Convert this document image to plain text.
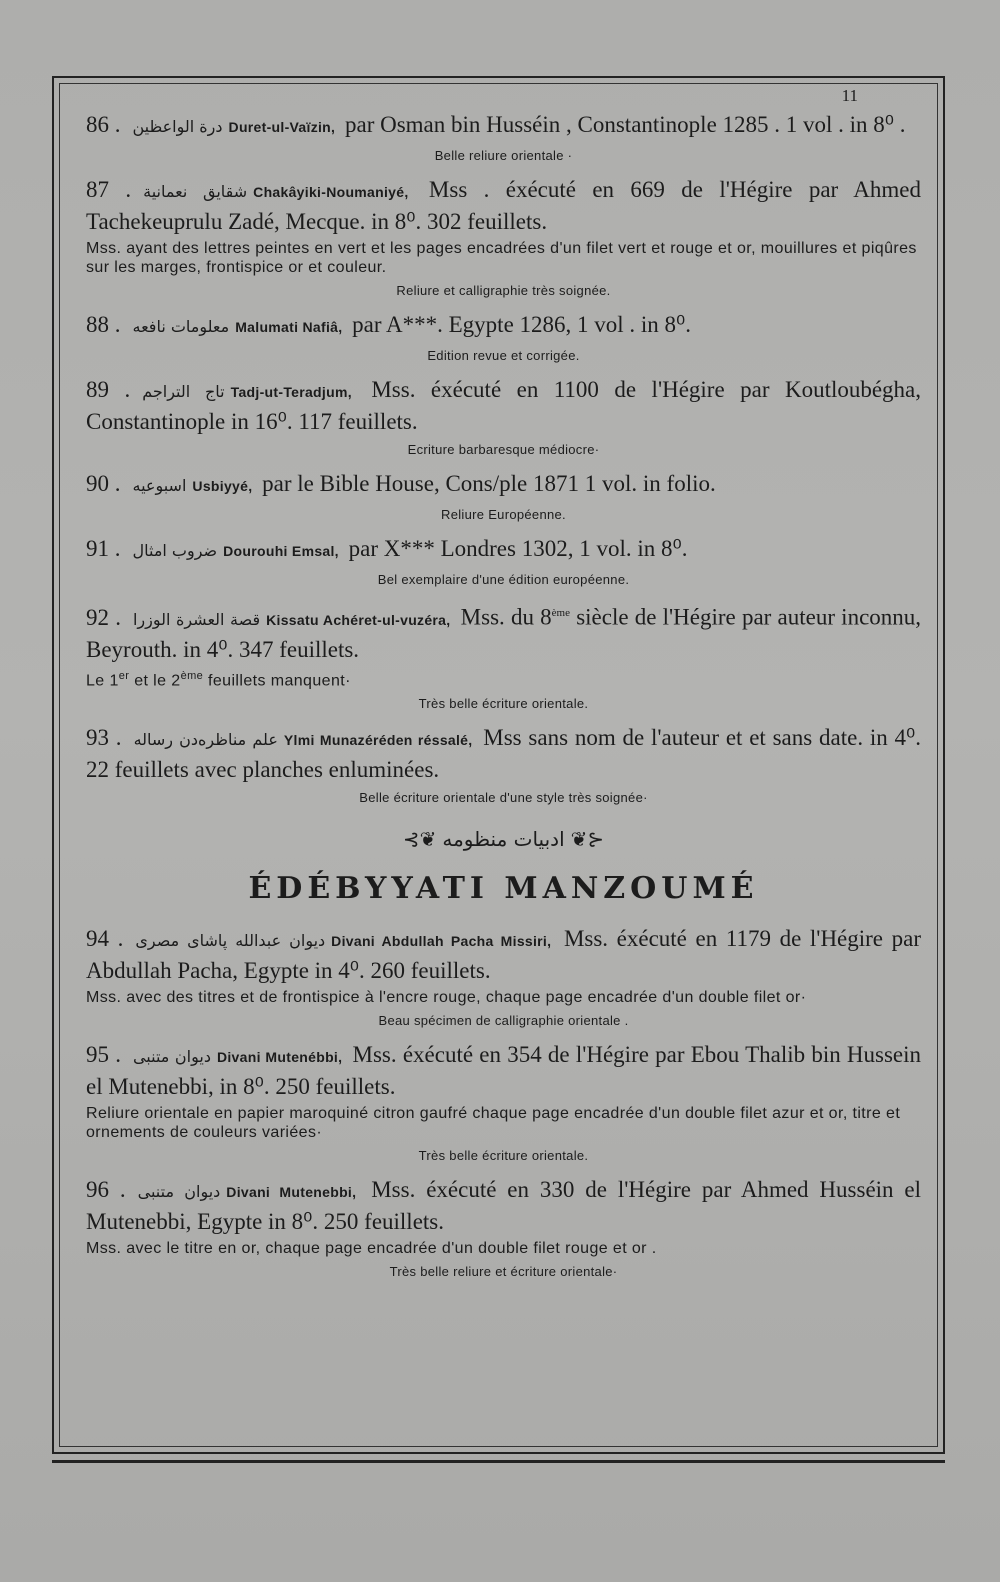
11
86 . درة الواعظين Duret-ul-Vaïzin, par Osman bin Husséin , Constantinople 1285 . 1 vol . in 8⁰ .
Belle reliure orientale ·
87 . شقايق نعمانية Chakâyiki-Noumaniyé, Mss . éxécuté en 669 de l'Hégire par Ahmed Tachekeuprulu Zadé, Mecque. in 8⁰. 302 feuillets.
Mss. ayant des lettres peintes en vert et les pages encadrées d'un filet vert et rouge et or, mouillures et piqûres sur les marges, frontispice or et couleur.
Reliure et calligraphie très soignée.
88 . معلومات نافعه Malumati Nafiâ, par A***. Egypte 1286, 1 vol . in 8⁰.
Edition revue et corrigée.
89 . تاج التراجم Tadj-ut-Teradjum, Mss. éxécuté en 1100 de l'Hégire par Koutloubégha, Constantinople in 16⁰. 117 feuillets.
Ecriture barbaresque médiocre·
90 . اسبوعيه Usbiyyé, par le Bible House, Cons/ple 1871 1 vol. in folio.
Reliure Européenne.
91 . ضروب امثال Dourouhi Emsal, par X*** Londres 1302, 1 vol. in 8⁰.
Bel exemplaire d'une édition européenne.
92 . قصة العشرة الوزرا Kissatu Achéret-ul-vuzéra, Mss. du 8ème siècle de l'Hégire par auteur inconnu, Beyrouth. in 4⁰. 347 feuillets.
Le 1er et le 2ème feuillets manquent·
Très belle écriture orientale.
93 . علم مناظرەدن رساله Ylmi Munazéréden réssalé, Mss sans nom de l'auteur et et sans date. in 4⁰. 22 feuillets avec planches enluminées.
Belle écriture orientale d'une style très soignée·
⊰❦ ادبيات منظومه ❦⊱
ÉDÉBYYATI MANZOUMÉ
94 . ديوان عبدالله پاشاى مصرى Divani Abdullah Pacha Missiri, Mss. éxécuté en 1179 de l'Hégire par Abdullah Pacha, Egypte in 4⁰. 260 feuillets.
Mss. avec des titres et de frontispice à l'encre rouge, chaque page encadrée d'un double filet or·
Beau spécimen de calligraphie orientale .
95 . ديوان متنبى Divani Mutenébbi, Mss. éxécuté en 354 de l'Hégire par Ebou Thalib bin Hussein el Mutenebbi, in 8⁰. 250 feuillets.
Reliure orientale en papier maroquiné citron gaufré chaque page encadrée d'un double filet azur et or, titre et ornements de couleurs variées·
Très belle écriture orientale.
96 . ديوان متنبى Divani Mutenebbi, Mss. éxécuté en 330 de l'Hégire par Ahmed Husséin el Mutenebbi, Egypte in 8⁰. 250 feuillets.
Mss. avec le titre en or, chaque page encadrée d'un double filet rouge et or .
Très belle reliure et écriture orientale·
